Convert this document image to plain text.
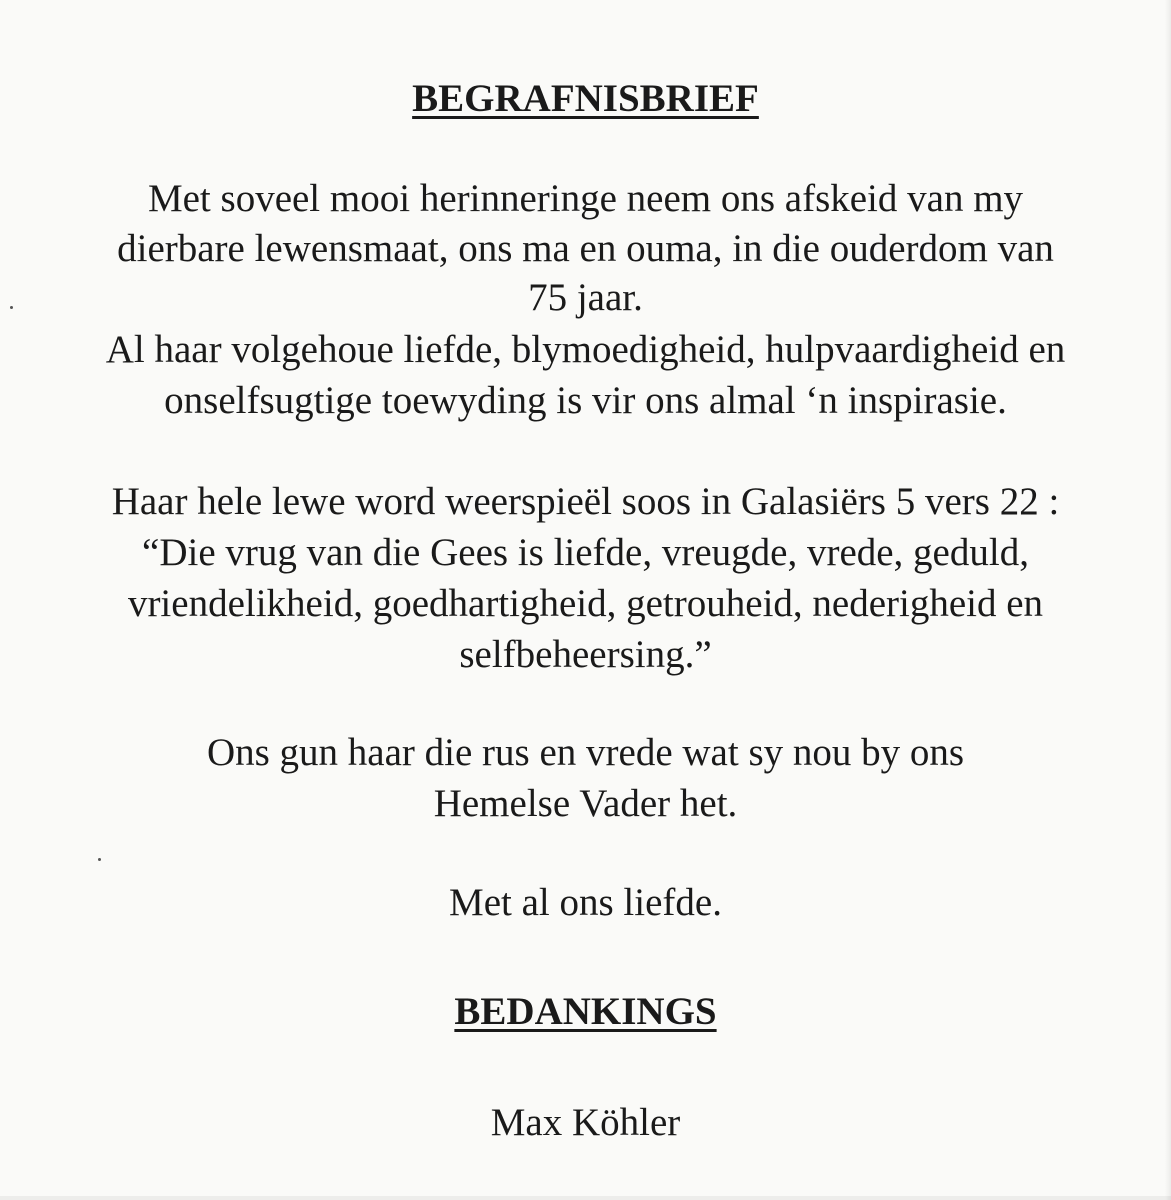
BEGRAFNISBRIEF
Met soveel mooi herinneringe neem ons afskeid van my
dierbare lewensmaat, ons ma en ouma, in die ouderdom van
75 jaar.
Al haar volgehoue liefde, blymoedigheid, hulpvaardigheid en
onselfsugtige toewyding is vir ons almal ‘n inspirasie.
Haar hele lewe word weerspieël soos in Galasiërs 5 vers 22 :
“Die vrug van die Gees is liefde, vreugde, vrede, geduld,
vriendelikheid, goedhartigheid, getrouheid, nederigheid en
selfbeheersing.”
Ons gun haar die rus en vrede wat sy nou by ons
Hemelse Vader het.
Met al ons liefde.
BEDANKINGS
Max Köhler
